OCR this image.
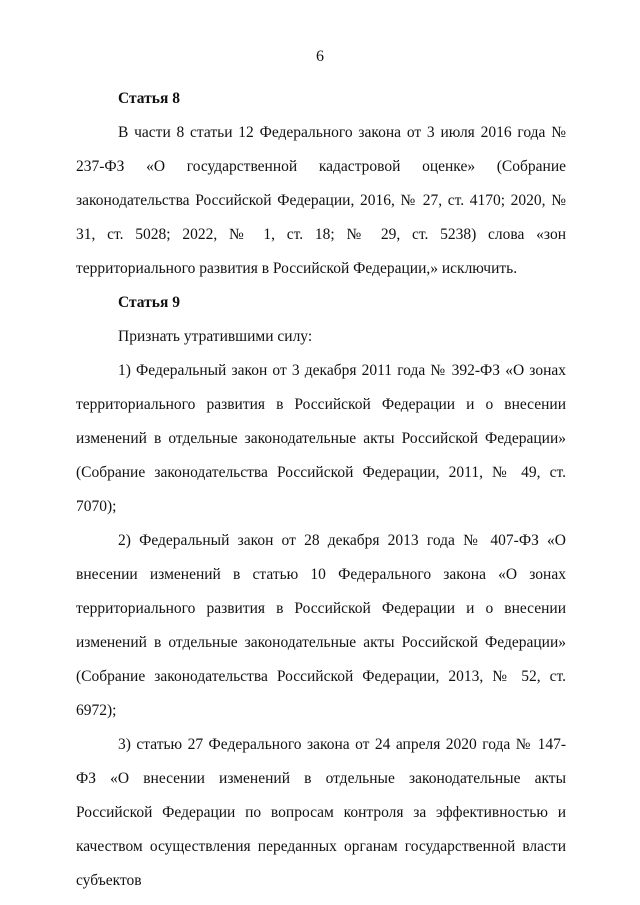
6

Статья 8

В части 8 статьи 12 Федерального закона от 3 июля 2016 года № 237-ФЗ «О государственной кадастровой оценке» (Собрание законодательства Российской Федерации, 2016, № 27, ст. 4170; 2020, № 31, ст. 5028; 2022, № 1, ст. 18; № 29, ст. 5238) слова «зон территориального развития в Российской Федерации,» исключить.

Статья 9

Признать утратившими силу:

1) Федеральный закон от 3 декабря 2011 года № 392-ФЗ «О зонах территориального развития в Российской Федерации и о внесении изменений в отдельные законодательные акты Российской Федерации» (Собрание законодательства Российской Федерации, 2011, № 49, ст. 7070);

2) Федеральный закон от 28 декабря 2013 года № 407-ФЗ «О внесении изменений в статью 10 Федерального закона «О зонах территориального развития в Российской Федерации и о внесении изменений в отдельные законодательные акты Российской Федерации» (Собрание законодательства Российской Федерации, 2013, № 52, ст. 6972);

3) статью 27 Федерального закона от 24 апреля 2020 года № 147-ФЗ «О внесении изменений в отдельные законодательные акты Российской Федерации по вопросам контроля за эффективностью и качеством осуществления переданных органам государственной власти субъектов
